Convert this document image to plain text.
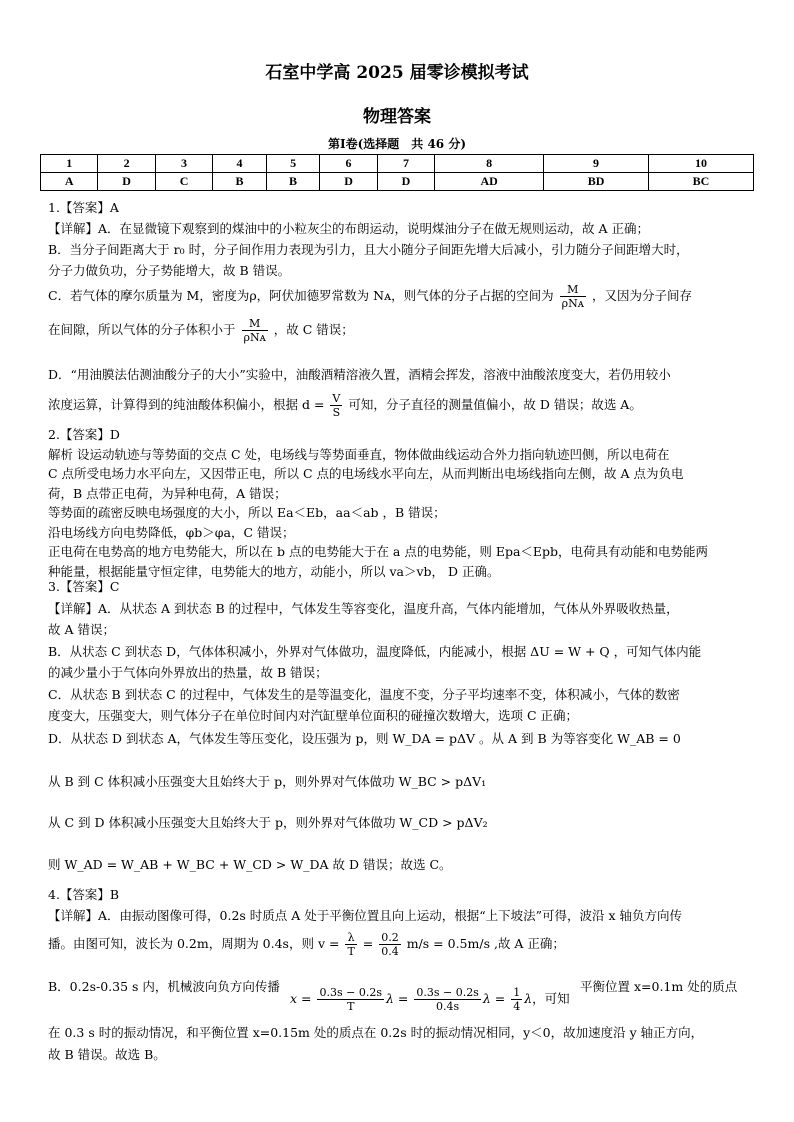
石室中学高 2025 届零诊模拟考试
物理答案
第I卷(选择题　共 46 分)
1	2	3	4	5	6	7	8	9	10
A	D	C	B	B	D	D	AD	BD	BC
1.【答案】A
【详解】A．在显微镜下观察到的煤油中的小粒灰尘的布朗运动，说明煤油分子在做无规则运动，故 A 正确；
B．当分子间距离大于 r₀ 时，分子间作用力表现为引力，且大小随分子间距先增大后减小，引力随分子间距增大时，
分子力做负功，分子势能增大，故 B 错误。
C．若气体的摩尔质量为 M，密度为ρ，阿伏加德罗常数为 Nᴀ，则气体的分子占据的空间为 $\frac{M}{\text{ρNᴀ}}$ ，又因为分子间存
在间隙，所以气体的分子体积小于 $\frac{M}{\text{ρNᴀ}}$ ，故 C 错误；
D．“用油膜法估测油酸分子的大小”实验中，油酸酒精溶液久置，酒精会挥发，溶液中油酸浓度变大，若仍用较小
浓度运算，计算得到的纯油酸体积偏小，根据 $d = \frac{V}{S}$ 可知，分子直径的测量值偏小，故 D 错误；故选 A。
2.【答案】D
解析 设运动轨迹与等势面的交点 C 处，电场线与等势面垂直，物体做曲线运动合外力指向轨迹凹侧，所以电荷在
C 点所受电场力水平向左，又因带正电，所以 C 点的电场线水平向左，从而判断出电场线指向左侧，故 A 点为负电
荷，B 点带正电荷，为异种电荷，A 错误；
等势面的疏密反映电场强度的大小，所以 Ea＜Eb，aa＜ab ，B 错误；
沿电场线方向电势降低，φb＞φa，C 错误；
正电荷在电势高的地方电势能大，所以在 b 点的电势能大于在 a 点的电势能，则 Epa＜Epb，电荷具有动能和电势能两
种能量，根据能量守恒定律，电势能大的地方，动能小，所以 va＞vb， D 正确。
3.【答案】C
【详解】A．从状态 A 到状态 B 的过程中，气体发生等容变化，温度升高，气体内能增加，气体从外界吸收热量，
故 A 错误；
B．从状态 C 到状态 D，气体体积减小，外界对气体做功，温度降低，内能减小，根据 ΔU = W + Q ，可知气体内能
的减少量小于气体向外界放出的热量，故 B 错误；
C．从状态 B 到状态 C 的过程中，气体发生的是等温变化，温度不变，分子平均速率不变，体积减小，气体的数密
度变大，压强变大，则气体分子在单位时间内对汽缸壁单位面积的碰撞次数增大，选项 C 正确；
D．从状态 D 到状态 A，气体发生等压变化，设压强为 p，则 W_DA = pΔV 。从 A 到 B 为等容变化 W_AB = 0
从 B 到 C 体积减小压强变大且始终大于 p，则外界对气体做功 W_BC > pΔV₁
从 C 到 D 体积减小压强变大且始终大于 p，则外界对气体做功 W_CD > pΔV₂
则 W_AD = W_AB + W_BC + W_CD > W_DA 故 D 错误；故选 C。
4.【答案】B
【详解】A．由振动图像可得，0.2s 时质点 A 处于平衡位置且向上运动，根据“上下坡法”可得，波沿 x 轴负方向传
播。由图可知，波长为 0.2m，周期为 0.4s，则 $v = \frac{\lambda}{T} = \frac{0.2}{0.4} m/s = 0.5m/s$ ,故 A 正确；
B．0.2s-0.35 s 内，机械波向负方向传播
$x = \frac{0.3s - 0.2s}{T}$ $\lambda = \frac{0.3s - 0.2s}{0.4s}$ $\lambda = \frac{1}{4}$ λ，可知
平衡位置 x=0.1m 处的质点
在 0.3 s 时的振动情况，和平衡位置 x=0.15m 处的质点在 0.2s 时的振动情况相同，y＜0，故加速度沿 y 轴正方向，
故 B 错误。故选 B。
